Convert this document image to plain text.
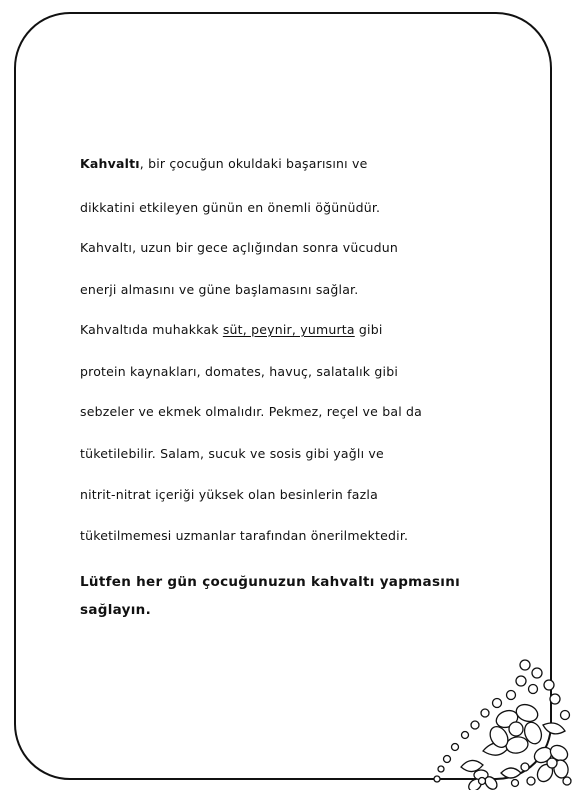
Kahvaltı, bir çocuğun okuldaki başarısını ve
dikkatini etkileyen günün en önemli öğünüdür.
Kahvaltı, uzun bir gece açlığından sonra vücudun
enerji almasını ve güne başlamasını sağlar.
Kahvaltıda muhakkak süt, peynir, yumurta gibi
protein kaynakları, domates, havuç, salatalık gibi
sebzeler ve ekmek olmalıdır. Pekmez, reçel ve bal da
tüketilebilir. Salam, sucuk ve sosis gibi yağlı ve
nitrit-nitrat içeriği yüksek olan besinlerin fazla
tüketilmemesi uzmanlar tarafından önerilmektedir.
Lütfen her gün çocuğunuzun kahvaltı yapmasını
sağlayın.
